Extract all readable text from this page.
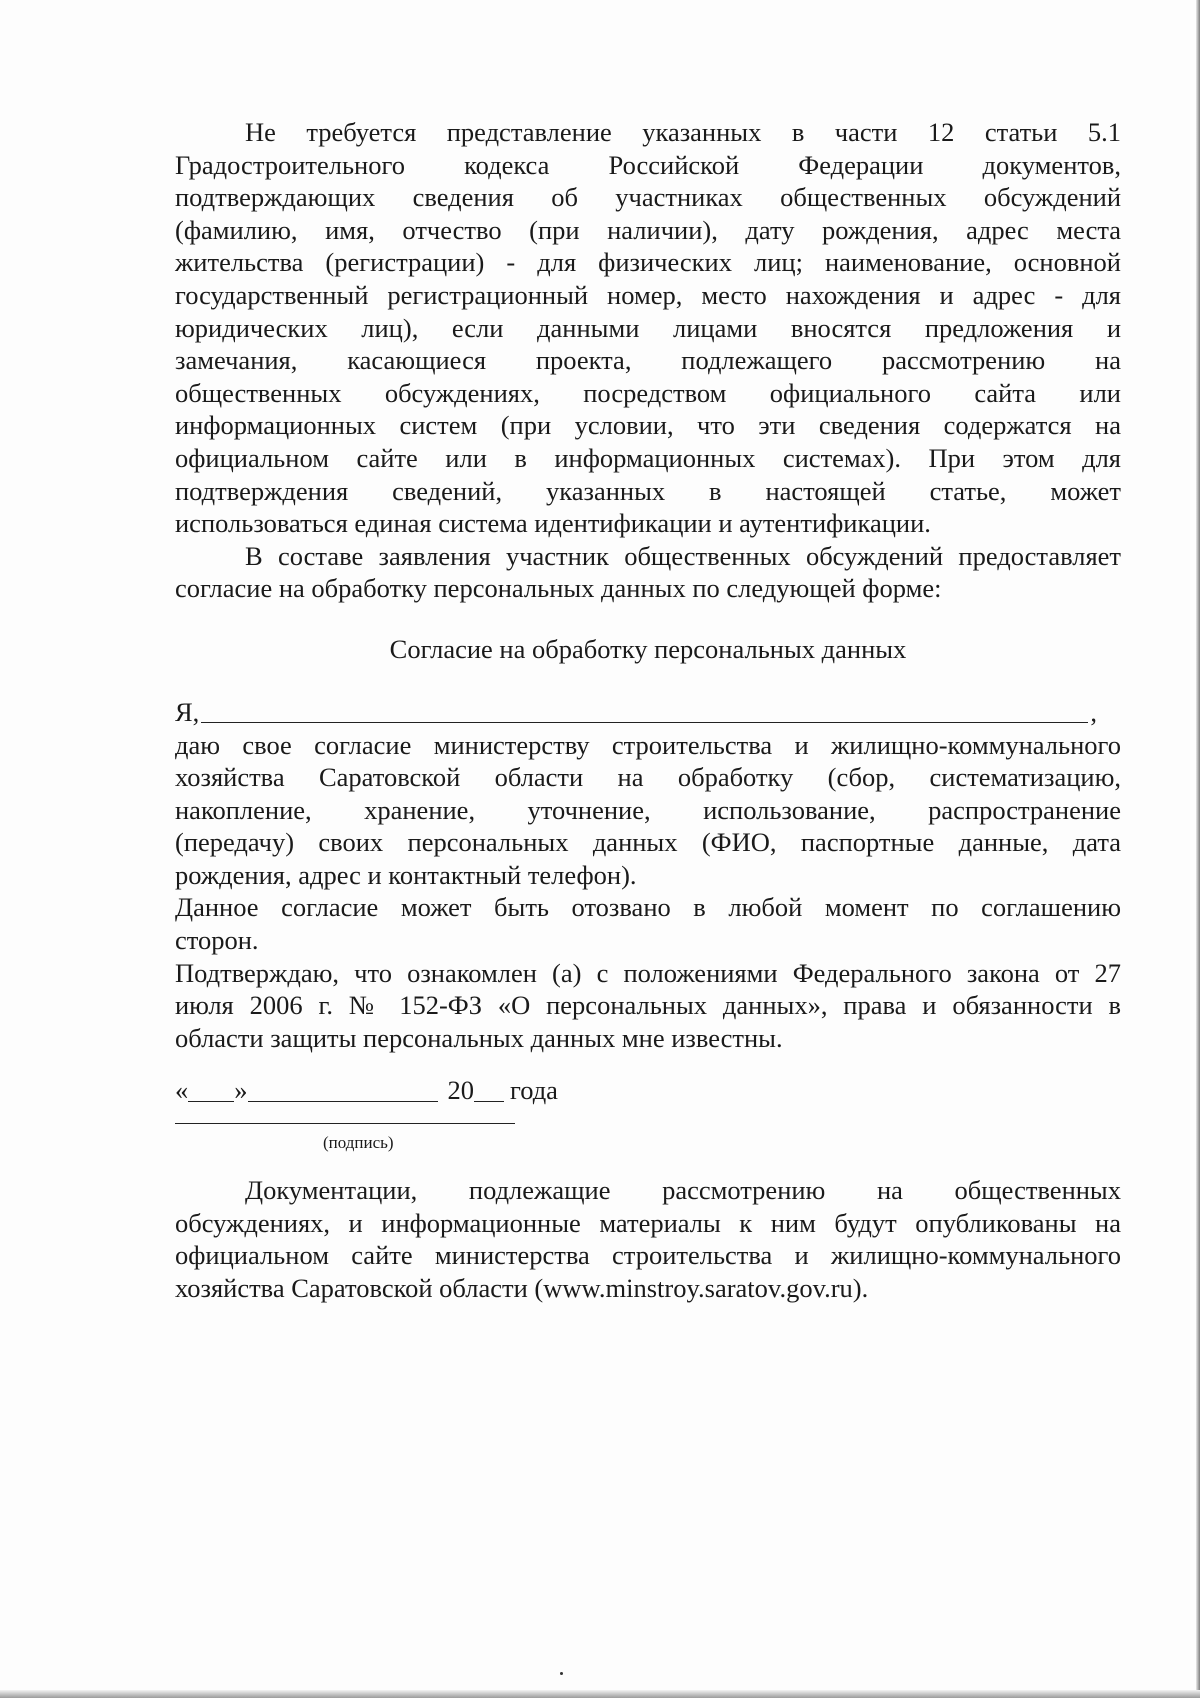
Не требуется представление указанных в части 12 статьи 5.1

Градостроительного кодекса Российской Федерации документов,

подтверждающих сведения об участниках общественных обсуждений

(фамилию, имя, отчество (при наличии), дату рождения, адрес места

жительства (регистрации) - для физических лиц; наименование, основной

государственный регистрационный номер, место нахождения и адрес - для

юридических лиц), если данными лицами вносятся предложения и

замечания, касающиеся проекта, подлежащего рассмотрению на

общественных обсуждениях, посредством официального сайта или

информационных систем (при условии, что эти сведения содержатся на

официальном сайте или в информационных системах). При этом для

подтверждения сведений, указанных в настоящей статье, может

использоваться единая система идентификации и аутентификации.

В составе заявления участник общественных обсуждений предоставляет

согласие на обработку персональных данных по следующей форме:

Согласие на обработку персональных данных

Я,	,

даю свое согласие министерству строительства и жилищно-коммунального

хозяйства Саратовской области на обработку (сбор, систематизацию,

накопление, хранение, уточнение, использование, распространение

(передачу) своих персональных данных (ФИО, паспортные данные, дата

рождения, адрес и контактный телефон).

Данное согласие может быть отозвано в любой момент по соглашению

сторон.

Подтверждаю, что ознакомлен (а) с положениями Федерального закона от 27

июля 2006 г. № 152-ФЗ «О персональных данных», права и обязанности в

области защиты персональных данных мне известны.

« »	20 года
(подпись)

Документации, подлежащие рассмотрению на общественных

обсуждениях, и информационные материалы к ним будут опубликованы на

официальном сайте министерства строительства и жилищно-коммунального

хозяйства Саратовской области (www.minstroy.saratov.gov.ru).
